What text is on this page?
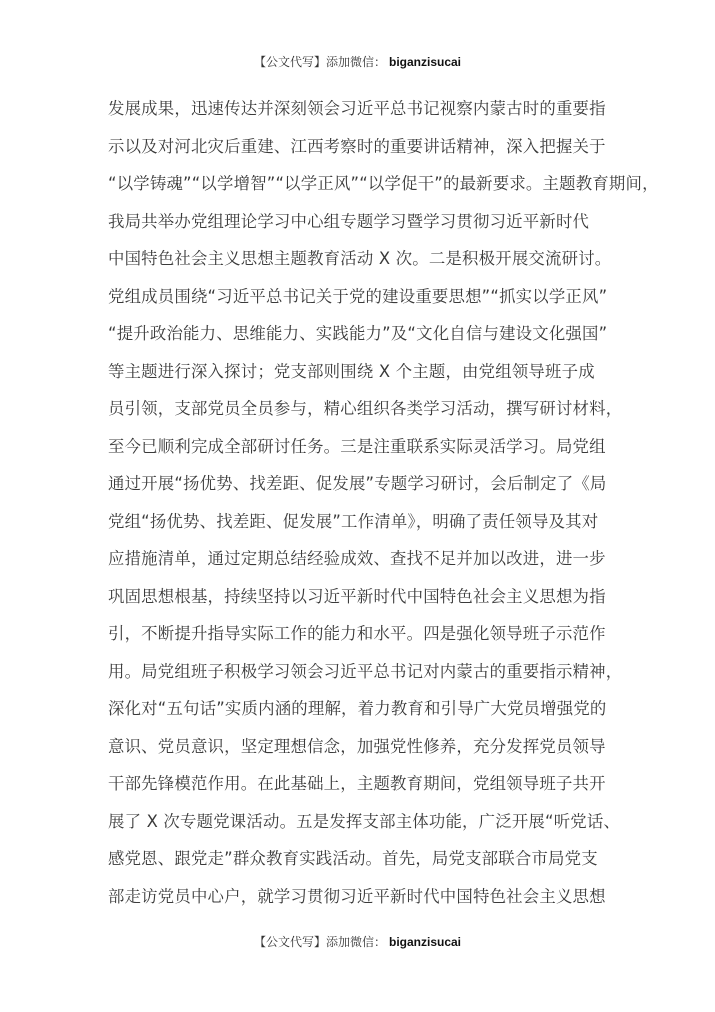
【公文代写】添加微信： biganzisucai
发展成果，迅速传达并深刻领会习近平总书记视察内蒙古时的重要指
示以及对河北灾后重建、江西考察时的重要讲话精神，深入把握关于
“以学铸魂”“以学增智”“以学正风”“以学促干”的最新要求。主题教育期间，
我局共举办党组理论学习中心组专题学习暨学习贯彻习近平新时代
中国特色社会主义思想主题教育活动 X 次。二是积极开展交流研讨。
党组成员围绕“习近平总书记关于党的建设重要思想”“抓实以学正风”
“提升政治能力、思维能力、实践能力”及“文化自信与建设文化强国”
等主题进行深入探讨；党支部则围绕 X 个主题，由党组领导班子成
员引领，支部党员全员参与，精心组织各类学习活动，撰写研讨材料，
至今已顺利完成全部研讨任务。三是注重联系实际灵活学习。局党组
通过开展“扬优势、找差距、促发展”专题学习研讨，会后制定了《局
党组“扬优势、找差距、促发展”工作清单》，明确了责任领导及其对
应措施清单，通过定期总结经验成效、查找不足并加以改进，进一步
巩固思想根基，持续坚持以习近平新时代中国特色社会主义思想为指
引，不断提升指导实际工作的能力和水平。四是强化领导班子示范作
用。局党组班子积极学习领会习近平总书记对内蒙古的重要指示精神，
深化对“五句话”实质内涵的理解，着力教育和引导广大党员增强党的
意识、党员意识，坚定理想信念，加强党性修养，充分发挥党员领导
干部先锋模范作用。在此基础上，主题教育期间，党组领导班子共开
展了 X 次专题党课活动。五是发挥支部主体功能，广泛开展“听党话、
感党恩、跟党走”群众教育实践活动。首先，局党支部联合市局党支
部走访党员中心户，就学习贯彻习近平新时代中国特色社会主义思想
【公文代写】添加微信： biganzisucai
